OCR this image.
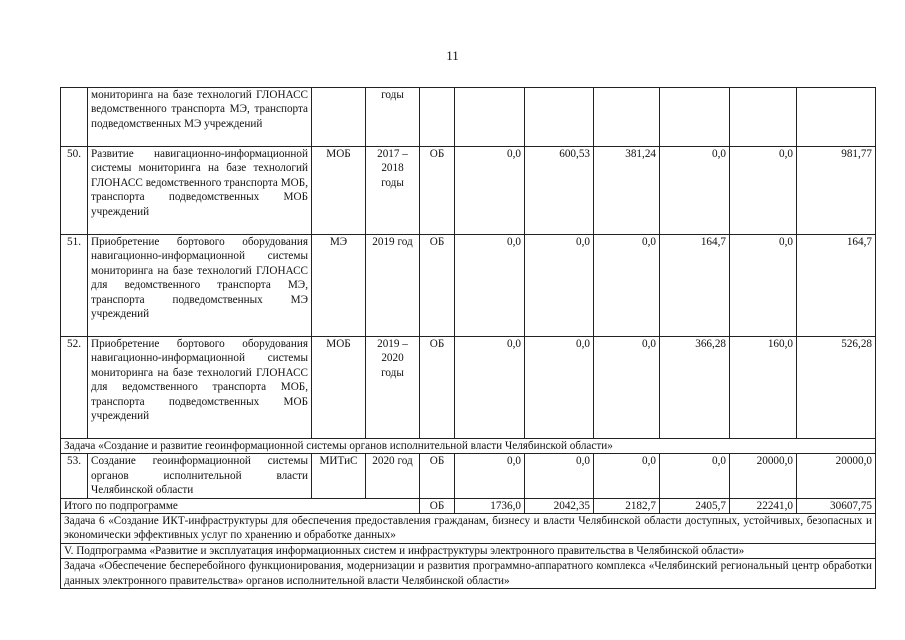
11
	мониторинга на базе технологий ГЛОНАСС ведомственного транспорта МЭ, транспорта подведомственных МЭ учреждений		годы							
50.	Развитие навигационно-информационной системы мониторинга на базе технологий ГЛОНАСС ведомственного транспорта МОБ, транспорта подведомственных МОБ учреждений	МОБ	2017 – 2018 годы	ОБ	0,0	600,53	381,24	0,0	0,0	981,77
51.	Приобретение бортового оборудования навигационно-информационной системы мониторинга на базе технологий ГЛОНАСС для ведомственного транспорта МЭ, транспорта подведомственных МЭ учреждений	МЭ	2019 год	ОБ	0,0	0,0	0,0	164,7	0,0	164,7
52.	Приобретение бортового оборудования навигационно-информационной системы мониторинга на базе технологий ГЛОНАСС для ведомственного транспорта МОБ, транспорта подведомственных МОБ учреждений	МОБ	2019 – 2020 годы	ОБ	0,0	0,0	0,0	366,28	160,0	526,28
Задача «Создание и развитие геоинформационной системы органов исполнительной власти Челябинской области»										
53.	Создание геоинформационной системы органов исполнительной власти Челябинской области	МИТиС	2020 год	ОБ	0,0	0,0	0,0	0,0	20000,0	20000,0
Итого по подпрограмме				ОБ	1736,0	2042,35	2182,7	2405,7	22241,0	30607,75
Задача 6 «Создание ИКТ-инфраструктуры для обеспечения предоставления гражданам, бизнесу и власти Челябинской области доступных, устойчивых, безопасных и экономически эффективных услуг по хранению и обработке данных»										
V. Подпрограмма «Развитие и эксплуатация информационных систем и инфраструктуры электронного правительства в Челябинской области»										
Задача «Обеспечение бесперебойного функционирования, модернизации и развития программно-аппаратного комплекса «Челябинский региональный центр обработки данных электронного правительства» органов исполнительной власти Челябинской области»										
